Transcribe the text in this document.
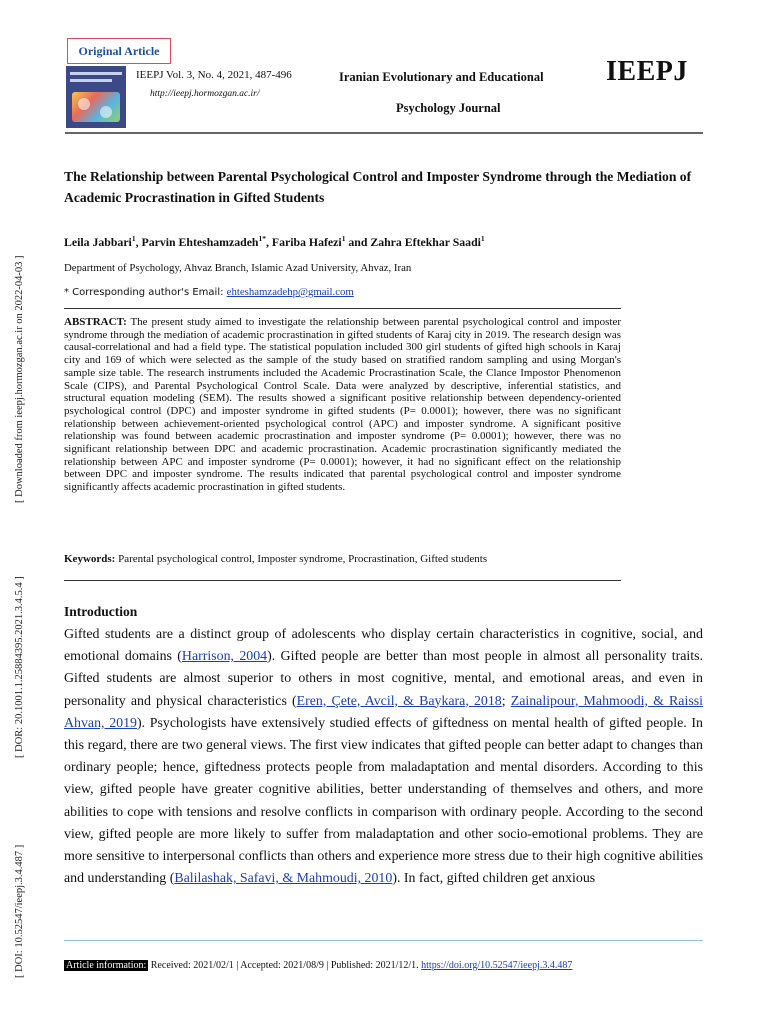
[ Downloaded from ieepj.hormozgan.ac.ir on 2022-04-03 ]
[ DOR: 20.1001.1.25884395.2021.3.4.5.4 ]
[ DOI: 10.52547/ieepj.3.4.487 ]
Original Article
IEEPJ Vol. 3, No. 4, 2021, 487-496
http://ieepj.hormozgan.ac.ir/
Iranian Evolutionary and Educational
Psychology Journal
IEEPJ
The Relationship between Parental Psychological Control and Imposter Syndrome through the Mediation of Academic Procrastination in Gifted Students
Leila Jabbari$^1$, Parvin Ehteshamzadeh$^{1*}$, Fariba Hafezi$^1$ and Zahra Eftekhar Saadi$^1$
Department of Psychology, Ahvaz Branch, Islamic Azad University, Ahvaz, Iran
* Corresponding author's Email: ehteshamzadehp@gmail.com

ABSTRACT: The present study aimed to investigate the relationship between parental psychological control and imposter syndrome through the mediation of academic procrastination in gifted students of Karaj city in 2019. The research design was causal-correlational and had a field type. The statistical population included 300 girl students of gifted high schools in Karaj city and 169 of which were selected as the sample of the study based on stratified random sampling and using Morgan's sample size table. The research instruments included the Academic Procrastination Scale, the Clance Impostor Phenomenon Scale (CIPS), and Parental Psychological Control Scale. Data were analyzed by descriptive, inferential statistics, and structural equation modeling (SEM). The results showed a significant positive relationship between dependency-oriented psychological control (DPC) and imposter syndrome in gifted students (P= 0.0001); however, there was no significant relationship between achievement-oriented psychological control (APC) and imposter syndrome. A significant positive relationship was found between academic procrastination and imposter syndrome (P= 0.0001); however, there was no significant relationship between DPC and academic procrastination. Academic procrastination significantly mediated the relationship between APC and imposter syndrome (P= 0.0001); however, it had no significant effect on the relationship between DPC and imposter syndrome. The results indicated that parental psychological control and imposter syndrome significantly affects academic procrastination in gifted students.

Keywords: Parental psychological control, Imposter syndrome, Procrastination, Gifted students

Introduction

Gifted students are a distinct group of adolescents who display certain characteristics in cognitive, social, and emotional domains (Harrison, 2004). Gifted people are better than most people in almost all personality traits. Gifted students are almost superior to others in most cognitive, mental, and emotional areas, and even in personality and physical characteristics (Eren, Çete, Avcil, & Baykara, 2018; Zainalipour, Mahmoodi, & Raissi Ahvan, 2019). Psychologists have extensively studied effects of giftedness on mental health of gifted people. In this regard, there are two general views. The first view indicates that gifted people can better adapt to changes than ordinary people; hence, giftedness protects people from maladaptation and mental disorders. According to this view, gifted people have greater cognitive abilities, better understanding of themselves and others, and more abilities to cope with tensions and resolve conflicts in comparison with ordinary people. According to the second view, gifted people are more likely to suffer from maladaptation and other socio-emotional problems. They are more sensitive to interpersonal conflicts than others and experience more stress due to their high cognitive abilities and understanding (Balilashak, Safavi, & Mahmoudi, 2010). In fact, gifted children get anxious

Article information: Received: 2021/02/1 | Accepted: 2021/08/9 | Published: 2021/12/1. https://doi.org/10.52547/ieepj.3.4.487
